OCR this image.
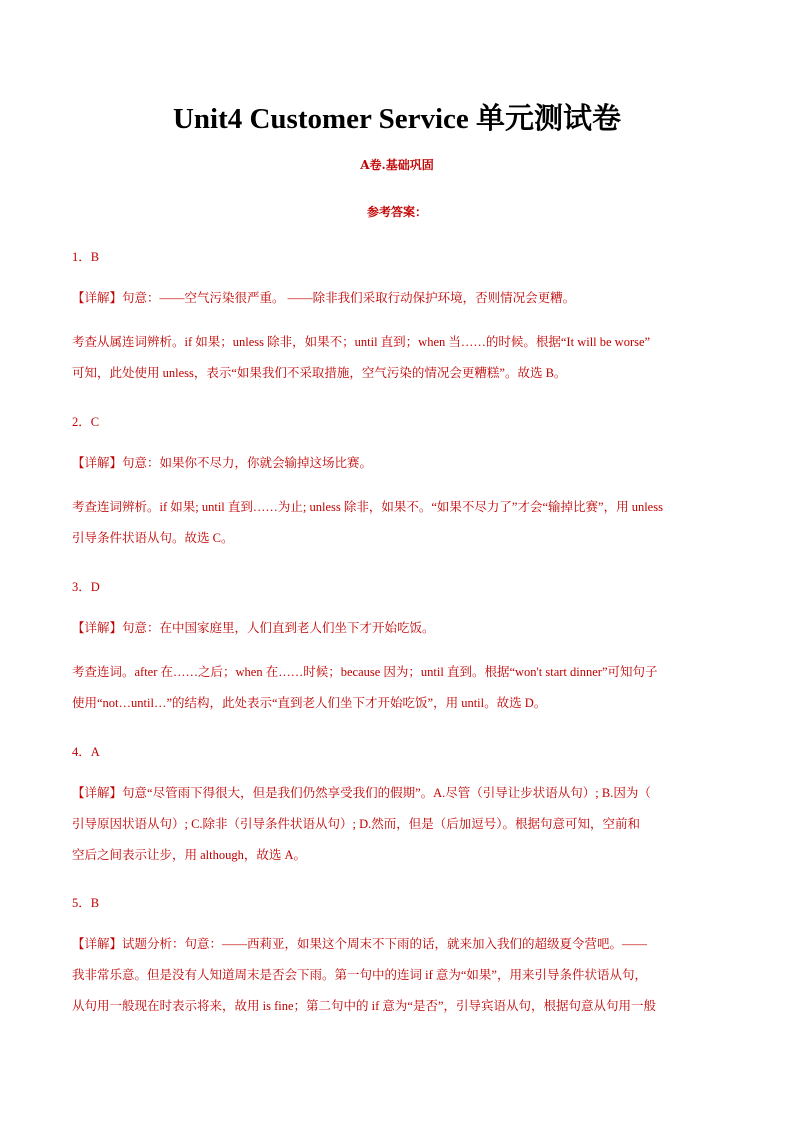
Unit4 Customer Service 单元测试卷
A卷.基础巩固
参考答案：
1．B
【详解】句意：——空气污染很严重。 ——除非我们采取行动保护环境，否则情况会更糟。
考查从属连词辨析。if 如果；unless 除非，如果不；until 直到；when 当……的时候。根据“It will be worse”
可知，此处使用 unless，表示“如果我们不采取措施，空气污染的情况会更糟糕”。故选 B。
2．C
【详解】句意：如果你不尽力，你就会输掉这场比赛。
考查连词辨析。if 如果; until 直到……为止; unless 除非，如果不。“如果不尽力了”才会“输掉比赛”，用 unless
引导条件状语从句。故选 C。
3．D
【详解】句意：在中国家庭里，人们直到老人们坐下才开始吃饭。
考查连词。after 在……之后；when 在……时候；because 因为；until 直到。根据“won't start dinner”可知句子
使用“not…until…”的结构，此处表示“直到老人们坐下才开始吃饭”，用 until。故选 D。
4．A
【详解】句意“尽管雨下得很大，但是我们仍然享受我们的假期”。A.尽管（引导让步状语从句）; B.因为（
引导原因状语从句）; C.除非（引导条件状语从句）; D.然而，但是（后加逗号）。根据句意可知，空前和
空后之间表示让步，用 although，故选 A。
5．B
【详解】试题分析：句意：——西莉亚，如果这个周末不下雨的话，就来加入我们的超级夏令营吧。——
我非常乐意。但是没有人知道周末是否会下雨。第一句中的连词 if 意为“如果”，用来引导条件状语从句，
从句用一般现在时表示将来，故用 is fine；第二句中的 if 意为“是否”，引导宾语从句，根据句意从句用一般
